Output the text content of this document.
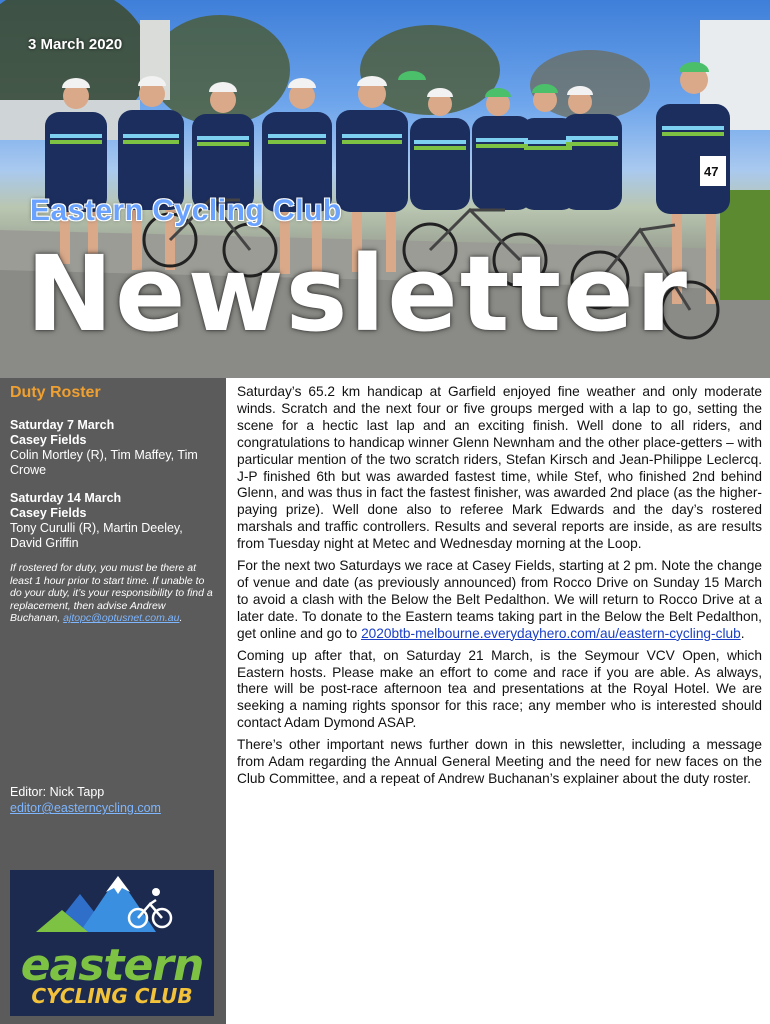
47
3 March 2020
Eastern Cycling Club
Newsletter
Duty Roster
Saturday 7 March
Casey Fields
Colin Mortley (R), Tim Maffey, Tim Crowe
Saturday 14 March
Casey Fields
Tony Curulli (R), Martin Deeley, David Griffin
If rostered for duty, you must be there at least 1 hour prior to start time. If unable to do your duty, it’s your responsibility to find a replacement, then advise Andrew Buchanan, ajtopc@optusnet.com.au.
Editor: Nick Tapp
editor@easterncycling.com
eastern
CYCLING CLUB

Saturday’s 65.2 km handicap at Garfield enjoyed fine weather and only moderate winds. Scratch and the next four or five groups merged with a lap to go, setting the scene for a hectic last lap and an exciting finish. Well done to all riders, and congratulations to handicap winner Glenn Newnham and the other place-getters – with particular mention of the two scratch riders, Stefan Kirsch and Jean-Philippe Leclercq. J-P finished 6th but was awarded fastest time, while Stef, who finished 2nd behind Glenn, and was thus in fact the fastest finisher, was awarded 2nd place (as the higher-paying prize). Well done also to referee Mark Edwards and the day’s rostered marshals and traffic controllers. Results and several reports are inside, as are results from Tuesday night at Metec and Wednesday morning at the Loop.

For the next two Saturdays we race at Casey Fields, starting at 2 pm. Note the change of venue and date (as previously announced) from Rocco Drive on Sunday 15 March to avoid a clash with the Below the Belt Pedalthon. We will return to Rocco Drive at a later date. To donate to the Eastern teams taking part in the Below the Belt Pedalthon, get online and go to 2020btb-melbourne.everydayhero.com/au/eastern-cycling-club.

Coming up after that, on Saturday 21 March, is the Seymour VCV Open, which Eastern hosts. Please make an effort to come and race if you are able. As always, there will be post-race afternoon tea and presentations at the Royal Hotel. We are seeking a naming rights sponsor for this race; any member who is interested should contact Adam Dymond ASAP.

There’s other important news further down in this newsletter, including a message from Adam regarding the Annual General Meeting and the need for new faces on the Club Committee, and a repeat of Andrew Buchanan’s explainer about the duty roster.
